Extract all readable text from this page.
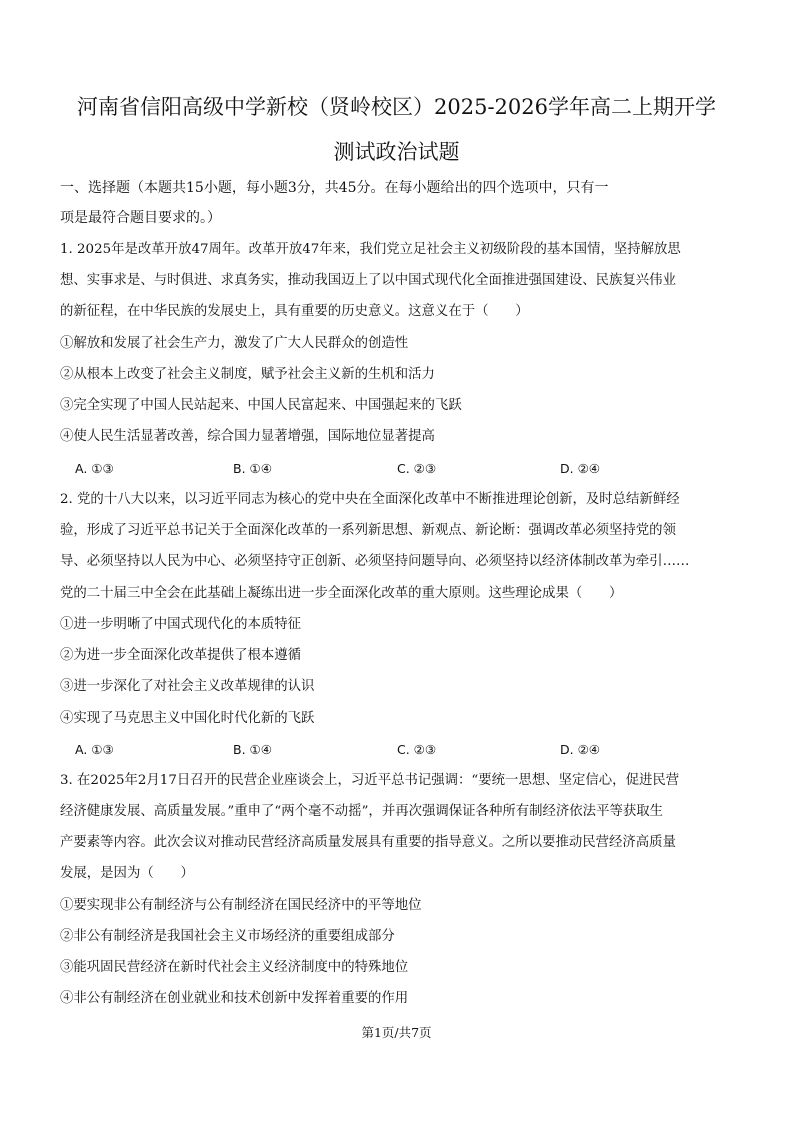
河南省信阳高级中学新校（贤岭校区）2025-2026学年高二上期开学
测试政治试题
一、选择题（本题共15小题，每小题3分，共45分。在每小题给出的四个选项中，只有一
项是最符合题目要求的。）
1. 2025年是改革开放47周年。改革开放47年来，我们党立足社会主义初级阶段的基本国情，坚持解放思
想、实事求是、与时俱进、求真务实，推动我国迈上了以中国式现代化全面推进强国建设、民族复兴伟业
的新征程，在中华民族的发展史上，具有重要的历史意义。这意义在于（　　）
①解放和发展了社会生产力，激发了广大人民群众的创造性
②从根本上改变了社会主义制度，赋予社会主义新的生机和活力
③完全实现了中国人民站起来、中国人民富起来、中国强起来的飞跃
④使人民生活显著改善，综合国力显著增强，国际地位显著提高
A. ①③	B. ①④	C. ②③	D. ②④
2. 党的十八大以来，以习近平同志为核心的党中央在全面深化改革中不断推进理论创新，及时总结新鲜经
验，形成了习近平总书记关于全面深化改革的一系列新思想、新观点、新论断：强调改革必须坚持党的领
导、必须坚持以人民为中心、必须坚持守正创新、必须坚持问题导向、必须坚持以经济体制改革为牵引……
党的二十届三中全会在此基础上凝练出进一步全面深化改革的重大原则。这些理论成果（　　）
①进一步明晰了中国式现代化的本质特征
②为进一步全面深化改革提供了根本遵循
③进一步深化了对社会主义改革规律的认识
④实现了马克思主义中国化时代化新的飞跃
A. ①③	B. ①④	C. ②③	D. ②④
3. 在2025年2月17日召开的民营企业座谈会上，习近平总书记强调：“要统一思想、坚定信心，促进民营
经济健康发展、高质量发展。”重申了“两个毫不动摇”，并再次强调保证各种所有制经济依法平等获取生
产要素等内容。此次会议对推动民营经济高质量发展具有重要的指导意义。之所以要推动民营经济高质量
发展，是因为（　　）
①要实现非公有制经济与公有制经济在国民经济中的平等地位
②非公有制经济是我国社会主义市场经济的重要组成部分
③能巩固民营经济在新时代社会主义经济制度中的特殊地位
④非公有制经济在创业就业和技术创新中发挥着重要的作用
第1页/共7页
